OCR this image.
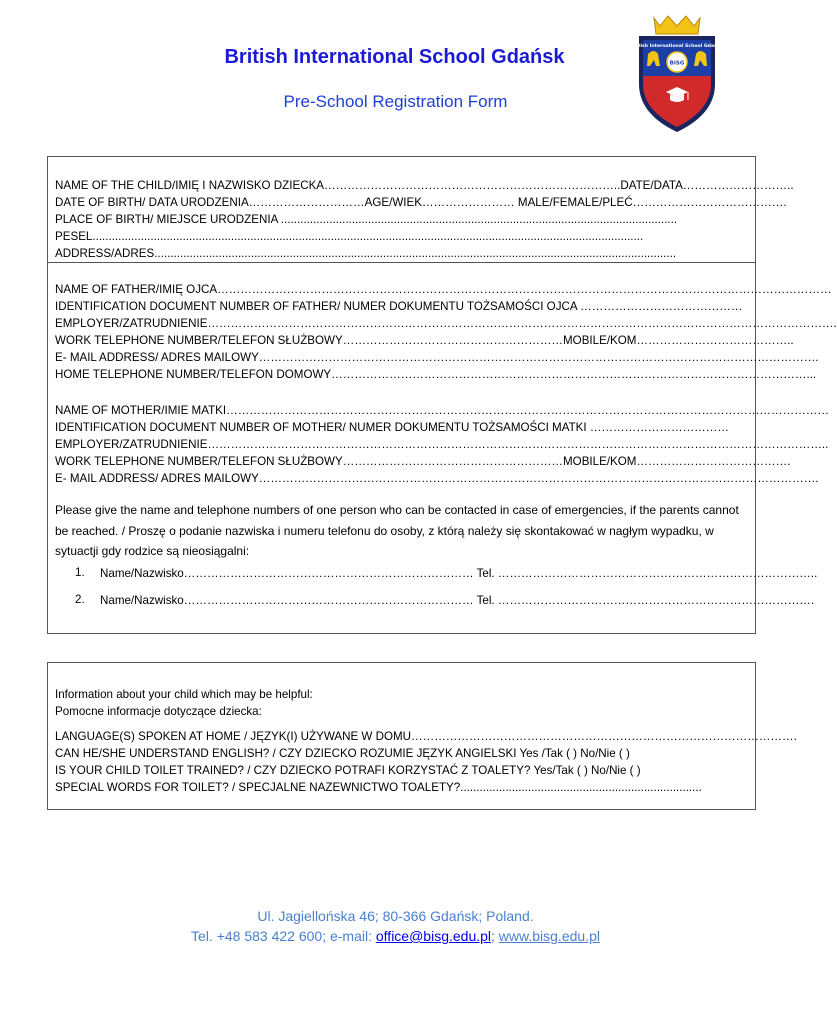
British International School Gdańsk
Pre-School Registration Form
British International School Gdańsk
BISG
NAME OF THE CHILD/IMIĘ I NAZWISKO DZIECKA…………………………………………………………………..DATE/DATA………………………..
DATE OF BIRTH/ DATA URODZENIA…………………………AGE/WIEK…………………… MALE/FEMALE/PLEĆ………………………………….
PLACE OF BIRTH/ MIEJSCE URODZENIA ...........................................................................................................................
PESEL...........................................................................................................................................................................
ADDRESS/ADRES..................................................................................................................................................................
NAME OF FATHER/IMIĘ OJCA……………………………………………………………………………………………………………………………………………
IDENTIFICATION DOCUMENT NUMBER OF FATHER/ NUMER DOKUMENTU TOŻSAMOŚCI OJCA ……………………………………
EMPLOYER/ZATRUDNIENIE……………………………………………………………………………………………………………………………………………….
WORK TELEPHONE NUMBER/TELEFON SŁUŻBOWY…………………………………………………MOBILE/KOM…………………………………..
E- MAIL ADDRESS/ ADRES MAILOWY……………………………………………………………………………………………………………………………….
HOME TELEPHONE NUMBER/TELEFON DOMOWY……………………………………………………………………………………………………………...
NAME OF MOTHER/IMIE MATKI…………………………………………………………………………………………………………………………………………
IDENTIFICATION DOCUMENT NUMBER OF MOTHER/ NUMER DOKUMENTU TOŻSAMOŚCI MATKI ………………………………
EMPLOYER/ZATRUDNIENIE……………………………………………………………………………………………………………………………………………..
WORK TELEPHONE NUMBER/TELEFON SŁUŻBOWY…………………………………………………MOBILE/KOM………………………………….
E- MAIL ADDRESS/ ADRES MAILOWY……………………………………………………………………………………………………………………………….
Please give the name and telephone numbers of one person who can be contacted in case of emergencies, if the parents cannot be reached. / Proszę o podanie nazwiska i numeru telefonu do osoby, z którą należy się skontakować w nagłym wypadku, w sytuactji gdy rodzice są nieosiągalni:
1. Name/Nazwisko………………………………………………………………… Tel. ………………………………………………………………………..
2. Name/Nazwisko………………………………………………………………… Tel. ……………………………………………………………………….
Information about your child which may be helpful:
Pomocne informacje dotyczące dziecka:
LANGUAGE(S) SPOKEN AT HOME / JĘZYK(I) UŻYWANE W DOMU……………………………………………………………………………………….
CAN HE/SHE UNDERSTAND ENGLISH? / CZY DZIECKO ROZUMIE JĘZYK ANGIELSKI Yes /Tak ( ) No/Nie ( )
IS YOUR CHILD TOILET TRAINED? / CZY DZIECKO POTRAFI KORZYSTAĆ Z TOALETY? Yes/Tak ( ) No/Nie ( )
SPECIAL WORDS FOR TOILET? / SPECJALNE NAZEWNICTWO TOALETY?...........................................................................
Ul. Jagiellońska 46; 80-366 Gdańsk; Poland.
Tel. +48 583 422 600; e-mail: office@bisg.edu.pl; www.bisg.edu.pl
